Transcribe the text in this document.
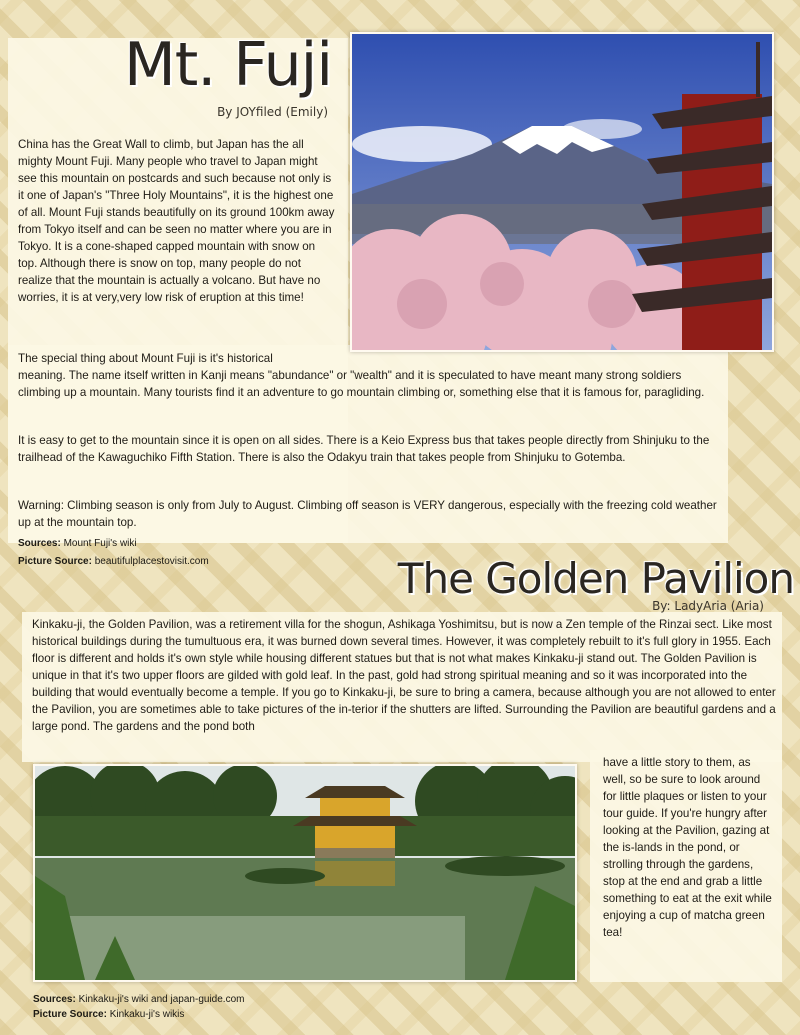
Mt. Fuji
By JOYfiled (Emily)

China has the Great Wall to climb, but Japan has the all mighty Mount Fuji. Many people who travel to Japan might see this mountain on postcards and such because not only is it one of Japan's "Three Holy Mountains", it is the highest one of all. Mount Fuji stands beautifully on its ground 100km away from Tokyo itself and can be seen no matter where you are in Tokyo. It is a cone-shaped capped mountain with snow on top. Although there is snow on top, many people do not realize that the mountain is actually a volcano. But have no worries, it is at very,very low risk of eruption at this time!

The special thing about Mount Fuji is it's historical

meaning. The name itself written in Kanji means "abundance" or "wealth" and it is speculated to have meant many strong soldiers climbing up a mountain. Many tourists find it an adventure to go mountain climbing or, something else that it is famous for, paragliding.

It is easy to get to the mountain since it is open on all sides. There is a Keio Express bus that takes people directly from Shinjuku to the trailhead of the Kawaguchiko Fifth Station. There is also the Odakyu train that takes people from Shinjuku to Gotemba.

Warning: Climbing season is only from July to August. Climbing off season is VERY dangerous, especially with the freezing cold weather up at the mountain top.

Sources: Mount Fuji's wiki
Picture Source: beautifulplacestovisit.com	The Golden Pavilion
By: LadyAria (Aria)

Kinkaku-ji, the Golden Pavilion, was a retirement villa for the shogun, Ashikaga Yoshimitsu, but is now a Zen temple of the Rinzai sect. Like most historical buildings during the tumultuous era, it was burned down several times. However, it was completely rebuilt to it's full glory in 1955. Each floor is different and holds it's own style while housing different statues but that is not what makes Kinkaku-ji stand out. The Golden Pavilion is unique in that it's two upper floors are gilded with gold leaf. In the past, gold had strong spiritual meaning and so it was incorporated into the building that would eventually become a temple. If you go to Kinkaku-ji, be sure to bring a camera, because although you are not allowed to enter the Pavilion, you are sometimes able to take pictures of the in-terior if the shutters are lifted. Surrounding the Pavilion are beautiful gardens and a large pond. The gardens and the pond both

have a little story to them, as well, so be sure to look around for little plaques or listen to your tour guide. If you're hungry after looking at the Pavilion, gazing at the is-lands in the pond, or strolling through the gardens, stop at the end and grab a little something to eat at the exit while enjoying a cup of matcha green tea!

Sources: Kinkaku-ji's wiki and japan-guide.com
Picture Source: Kinkaku-ji's wikis
